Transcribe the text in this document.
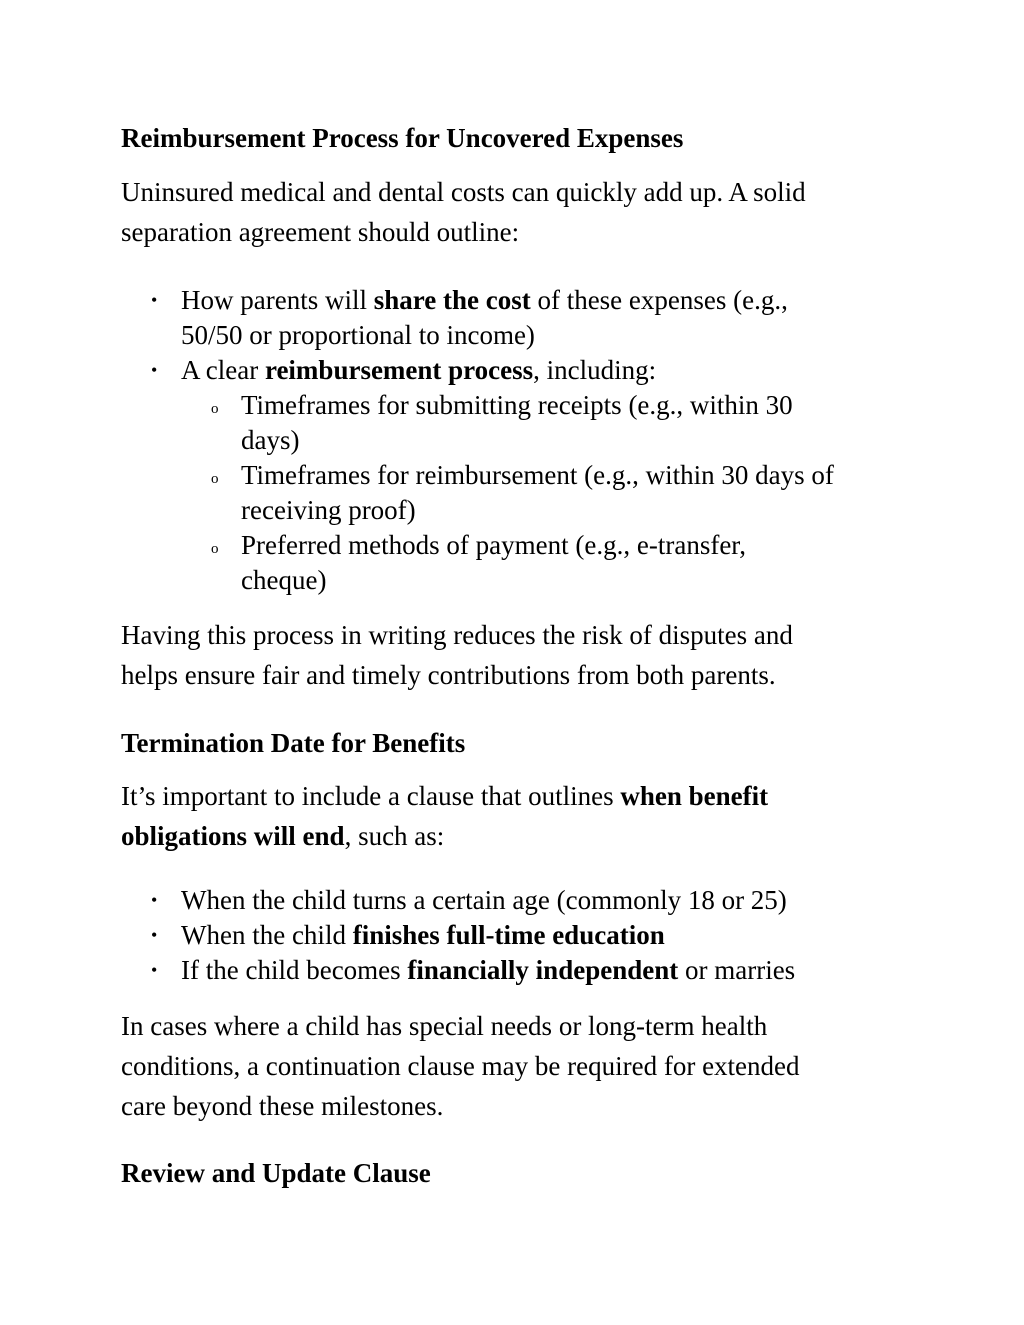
Reimbursement Process for Uncovered Expenses

Uninsured medical and dental costs can quickly add up. A solid
separation agreement should outline:

• How parents will share the cost of these expenses (e.g.,
50/50 or proportional to income)
• A clear reimbursement process, including:
o Timeframes for submitting receipts (e.g., within 30
days)
o Timeframes for reimbursement (e.g., within 30 days of
receiving proof)
o Preferred methods of payment (e.g., e-transfer,
cheque)

Having this process in writing reduces the risk of disputes and
helps ensure fair and timely contributions from both parents.

Termination Date for Benefits

It’s important to include a clause that outlines when benefit
obligations will end, such as:

• When the child turns a certain age (commonly 18 or 25)
• When the child finishes full-time education
• If the child becomes financially independent or marries

In cases where a child has special needs or long-term health
conditions, a continuation clause may be required for extended
care beyond these milestones.

Review and Update Clause
